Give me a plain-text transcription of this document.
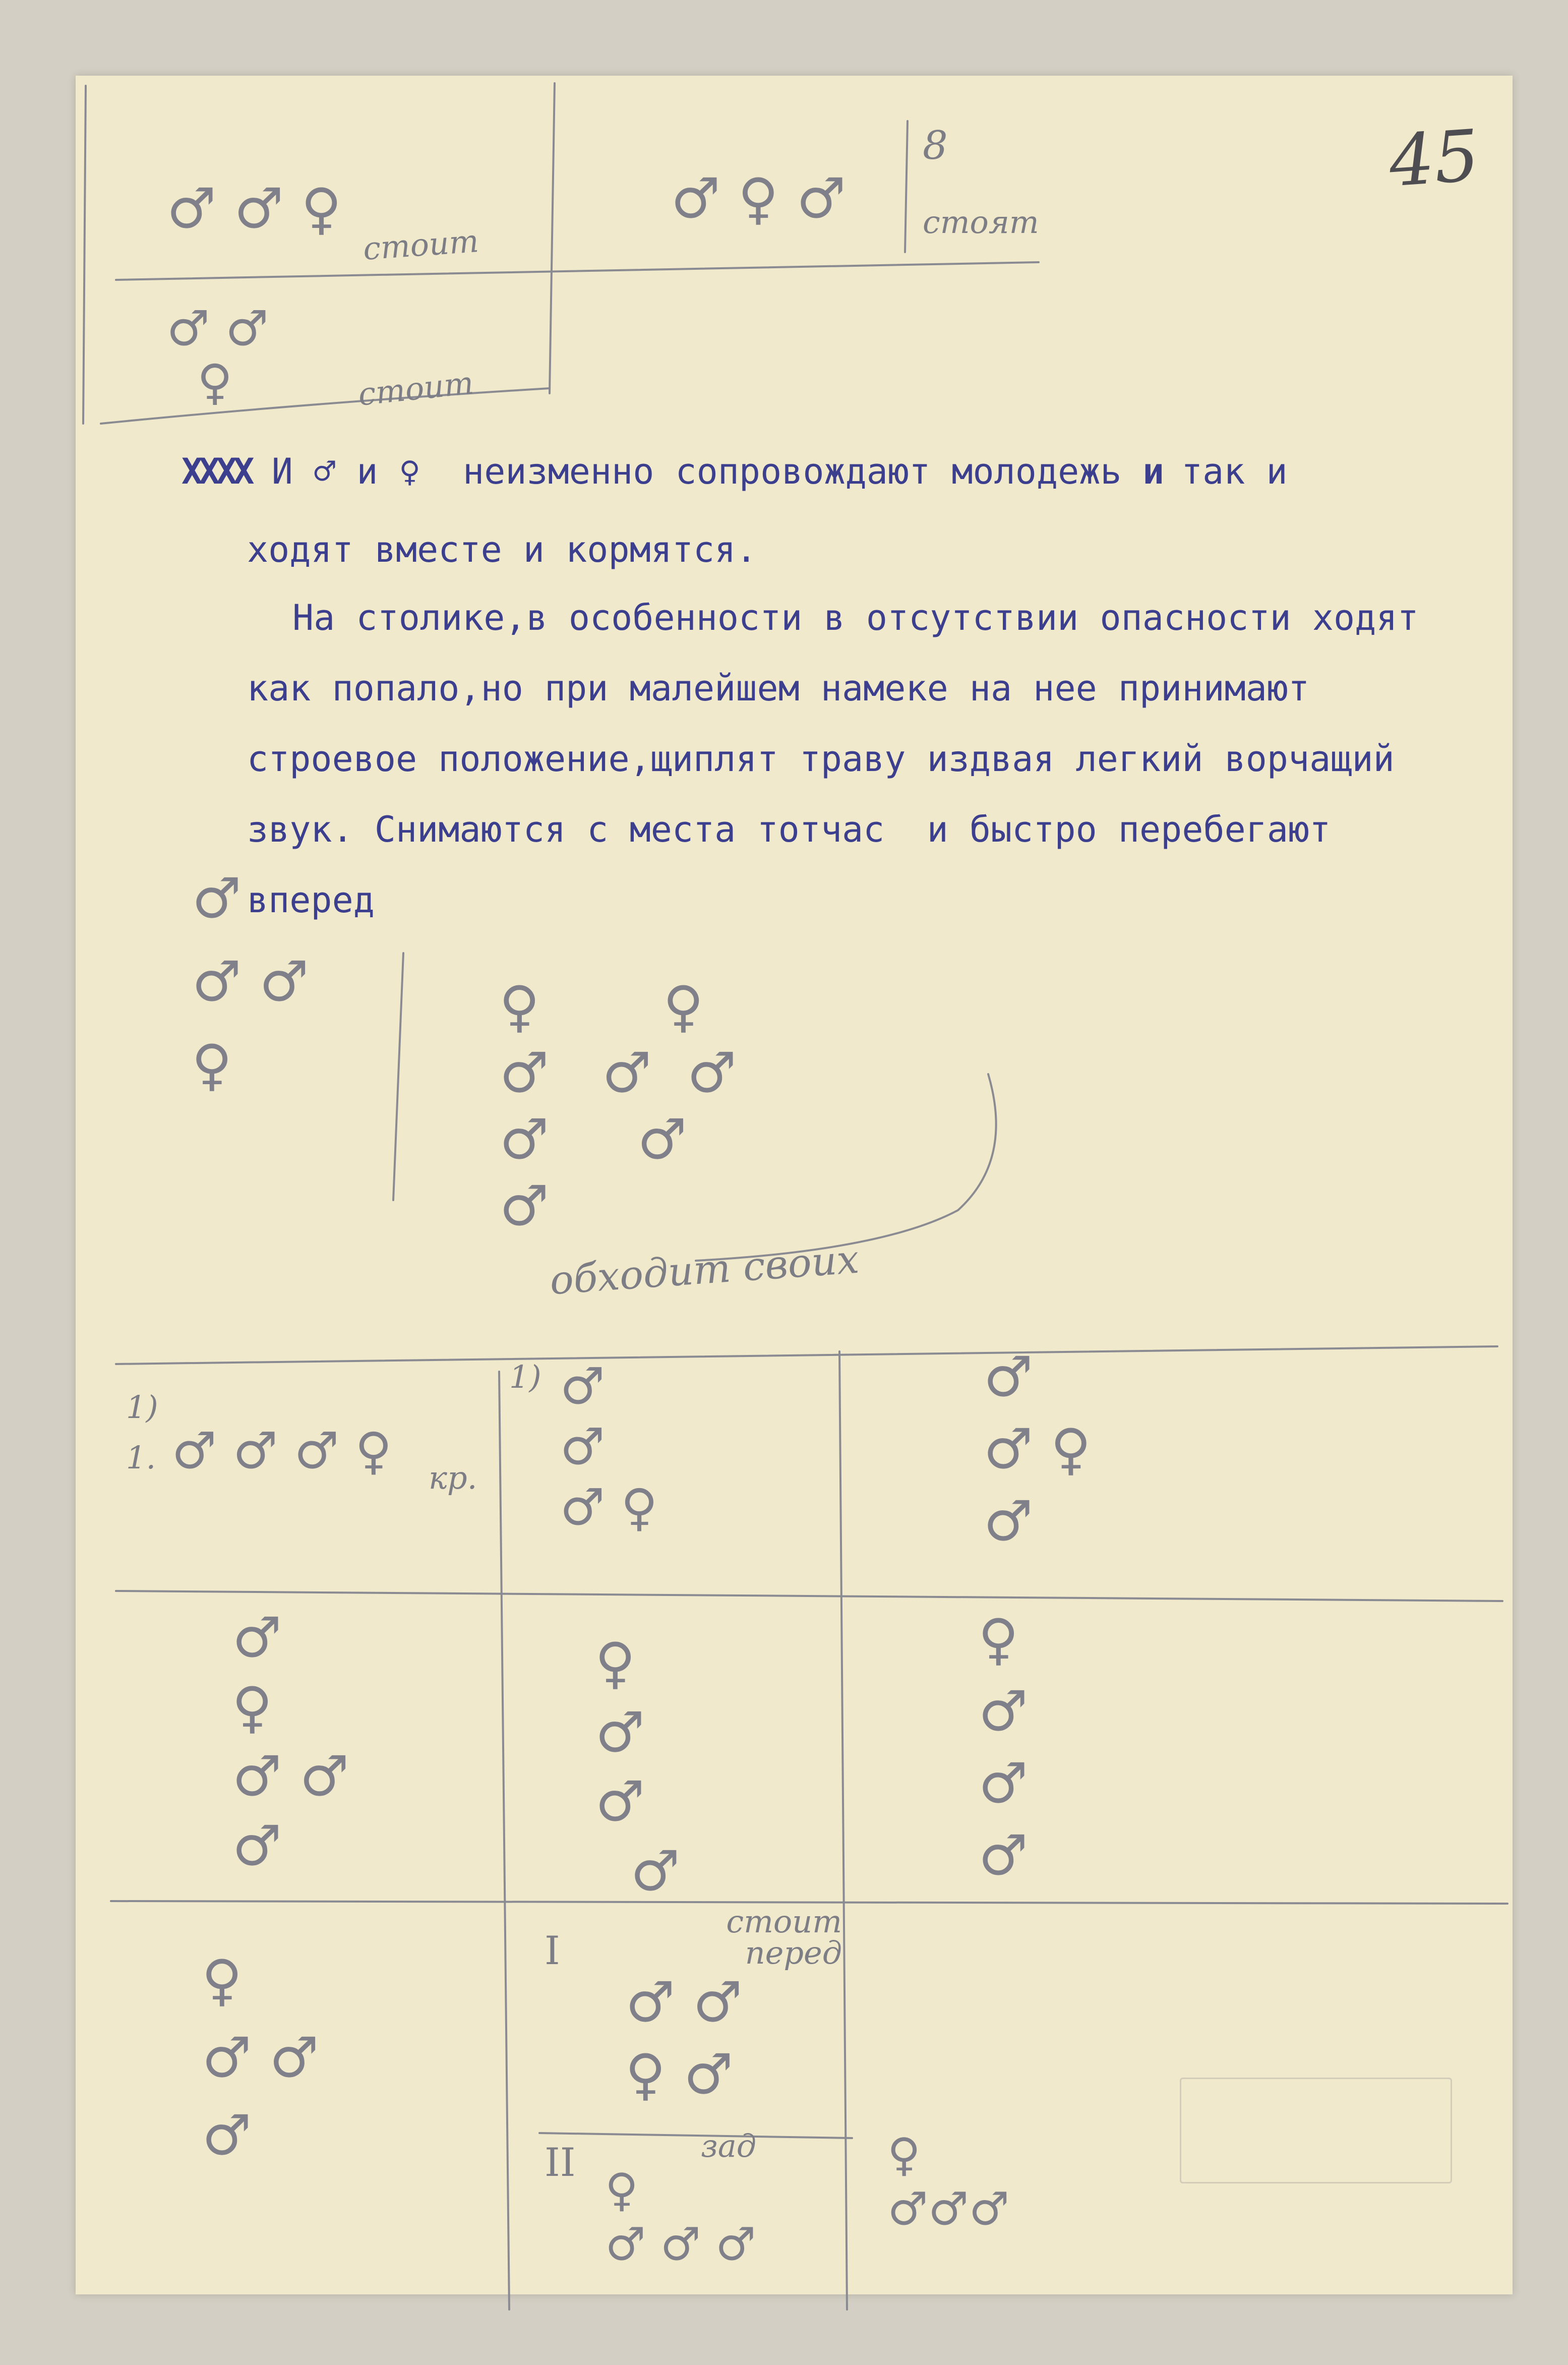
45
XXXX И ♂ и ♀  неизменно сопровождают молодежь и так и
ходят вместе и кормятся.
На столике,в особенности в отсутствии опасности ходят
как попало,но при малейшем намеке на нее принимают
строевое положение,щиплят траву издвая легкий ворчащий
звук. Снимаются с места тотчас  и быстро перебегают
вперед
стоит
8
стоят
стоит
обходит своих
1)
1.
кр.
1)
I
стоит перед
II	зад
♂ ♂ ♀	♂ ♀ ♂
♂ ♂
♀
♂
♂ ♂
♀
♀       ♀
♂   ♂  ♂
♂     ♂
♂
♂ ♂ ♂ ♀
♂
♂
♂ ♀
♂
♂ ♀
♂
♂
♀
♂ ♂
♂
♀
♂
♂
♂
♀
♂
♂
♂
♀
♂ ♂
♂
♂ ♂
♀ ♂
♀
♂ ♂ ♂
♀
♂♂♂
